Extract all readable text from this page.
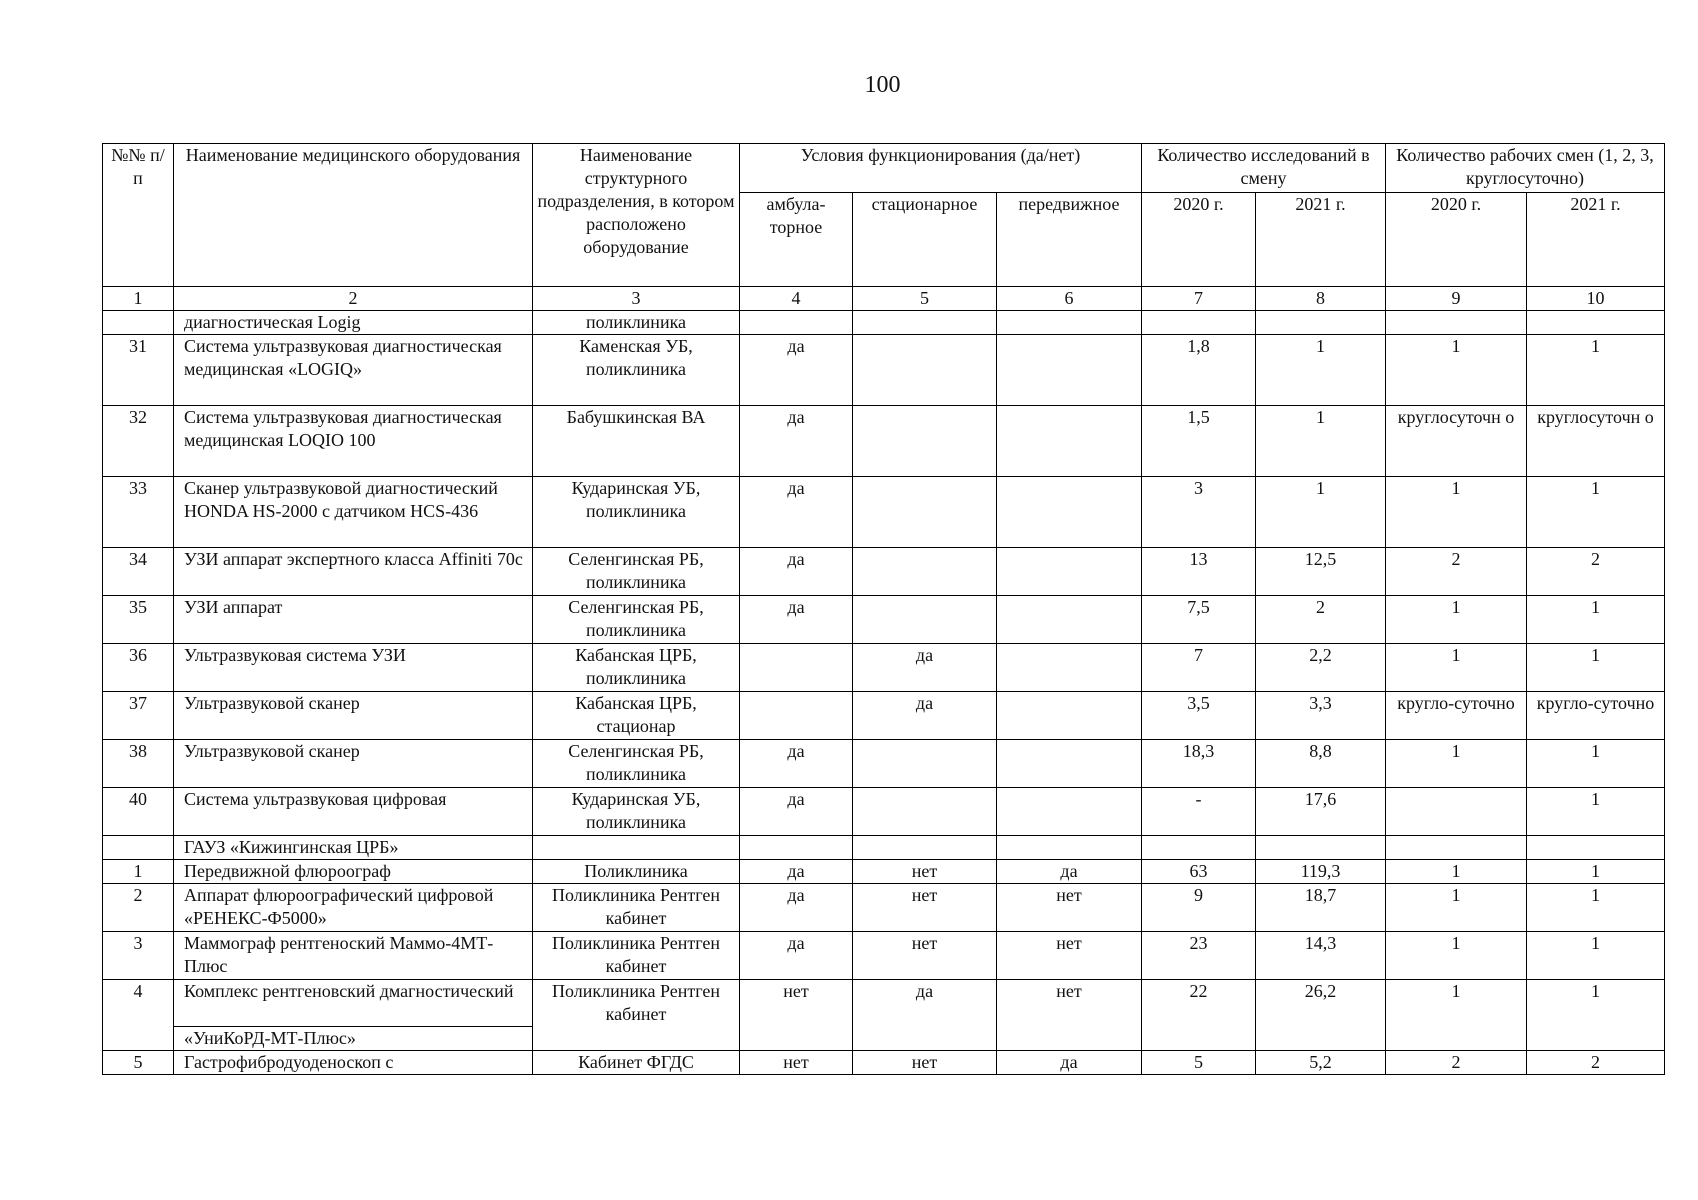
100
№№ п/п	Наименование медицинского оборудования	Наименование структурного подразделения, в котором расположено оборудование	Условия функционирования (да/нет)			Количество исследований в смену		Количество рабочих смен (1, 2, 3, круглосуточно)	
			амбула-торное	стационарное	передвижное	2020 г.	2021 г.	2020 г.	2021 г.
1	2	3	4	5	6	7	8	9	10
	диагностическая Logig	поликлиника							
31	Система ультразвуковая диагностическая медицинская «LOGIQ»	Каменская УБ, поликлиника	да			1,8	1	1	1
32	Система ультразвуковая диагностическая медицинская LOQIO 100	Бабушкинская ВА	да			1,5	1	круглосуточн о	круглосуточн о
33	Сканер ультразвуковой диагностический HONDA HS-2000 с датчиком HCS-436	Кударинская УБ, поликлиника	да			3	1	1	1
34	УЗИ аппарат экспертного класса Affiniti 70с	Селенгинская РБ, поликлиника	да			13	12,5	2	2
35	УЗИ аппарат	Селенгинская РБ, поликлиника	да			7,5	2	1	1
36	Ультразвуковая система УЗИ	Кабанская ЦРБ, поликлиника		да		7	2,2	1	1
37	Ультразвуковой сканер	Кабанская ЦРБ, стационар		да		3,5	3,3	кругло-суточно	кругло-суточно
38	Ультразвуковой сканер	Селенгинская РБ, поликлиника	да			18,3	8,8	1	1
40	Система ультразвуковая цифровая	Кударинская УБ, поликлиника	да			-	17,6		1
	ГАУЗ «Кижингинская ЦРБ»								
1	Передвижной флюроограф	Поликлиника	да	нет	да	63	119,3	1	1
2	Аппарат флюроографический цифровой «РЕНЕКС-Ф5000»	Поликлиника Рентген кабинет	да	нет	нет	9	18,7	1	1
3	Маммограф рентгеноский Маммо-4МТ-Плюс	Поликлиника Рентген кабинет	да	нет	нет	23	14,3	1	1
4	Комплекс рентгеновский дмагностический	Поликлиника Рентген кабинет	нет	да	нет	22	26,2	1	1
	«УниКоРД-МТ-Плюс»								
5	Гастрофибродуоденоскоп с	Кабинет ФГДС	нет	нет	да	5	5,2	2	2
